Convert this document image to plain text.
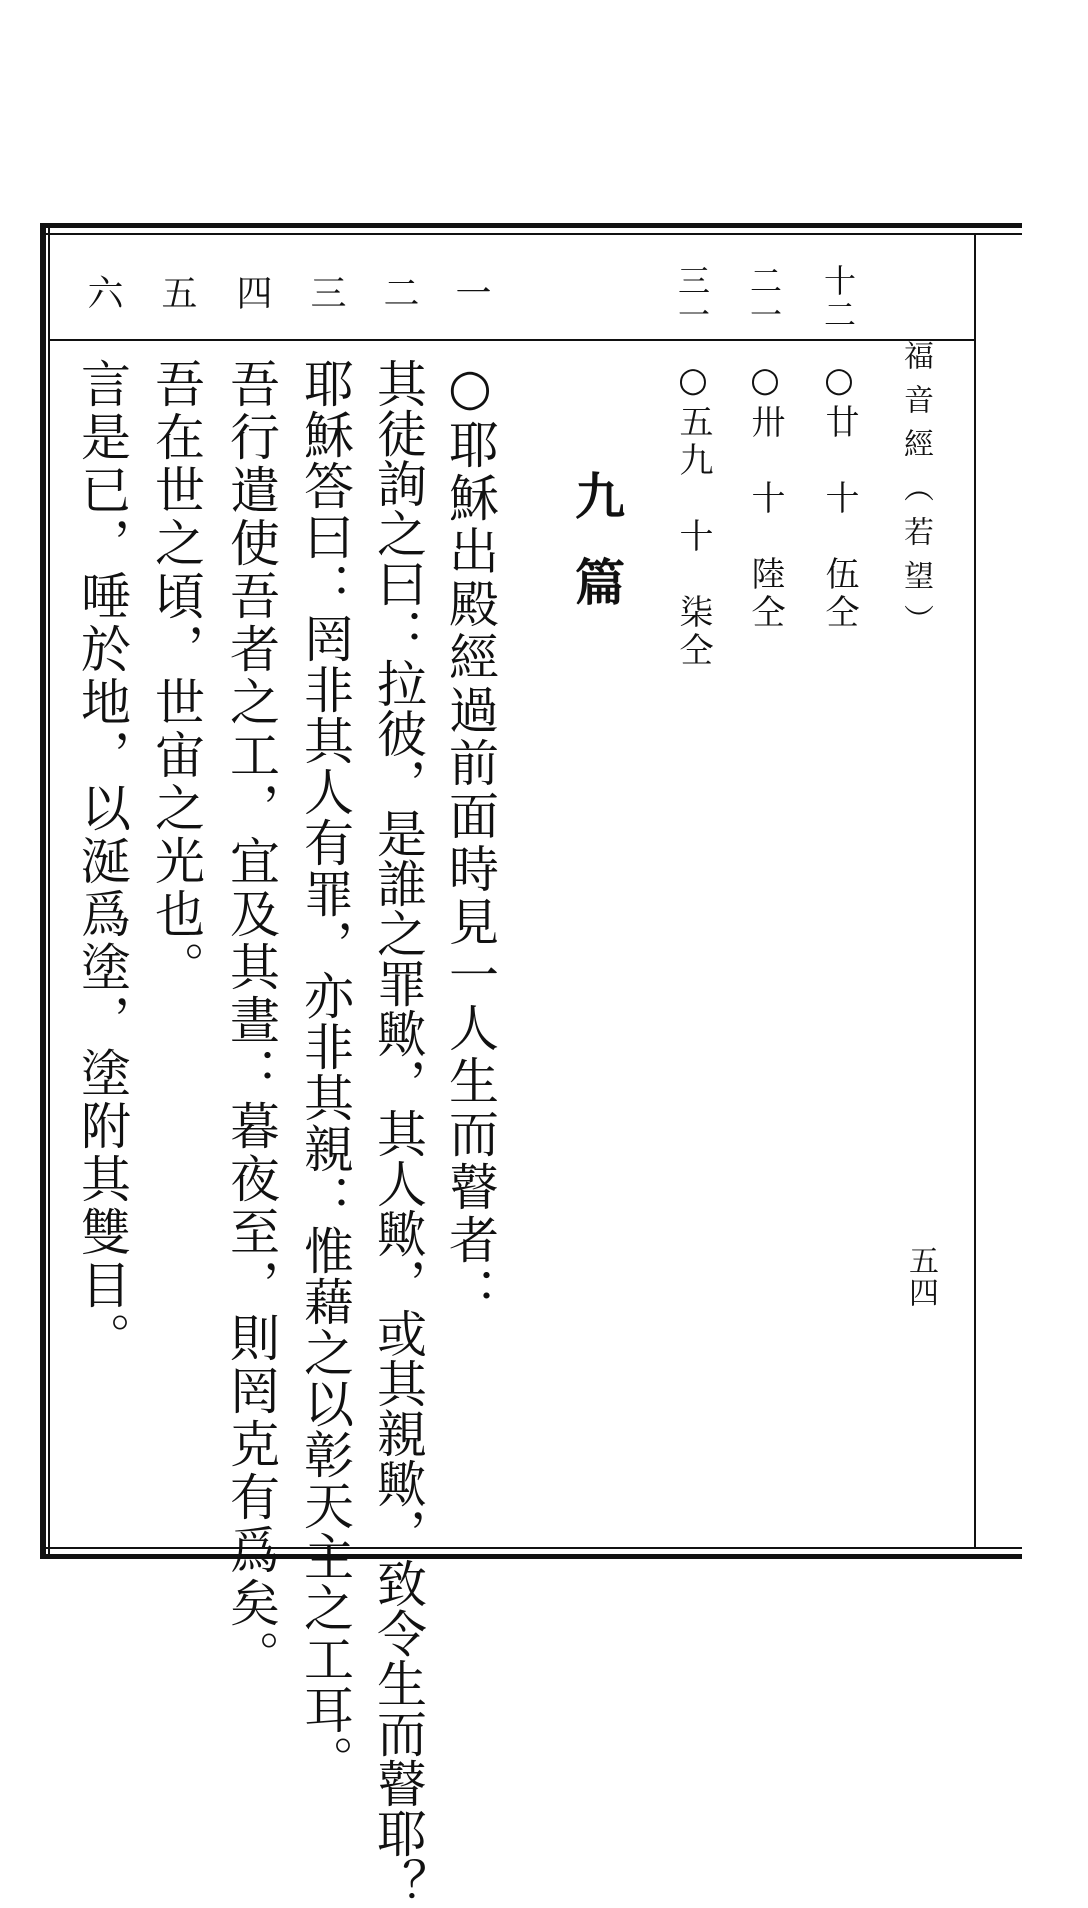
福音經（若望）
五四
十二
○廿　十　伍仝
二一
○卅　十　陸仝
三一
○五九　十　柒仝
九篇
一
○耶穌出殿經過前面時見一人生而瞽者：
二
其徒詢之曰：拉彼，是誰之罪歟，其人歟，或其親歟，致令生而瞽耶？
三
耶穌答曰：罔非其人有罪，亦非其親：惟藉之以彰天主之工耳。
四
吾行遣使吾者之工，宜及其晝：暮夜至，則罔克有爲矣。
五
吾在世之頃，世宙之光也。
六
言是已，唾於地，以涎爲塗，塗附其雙目。
